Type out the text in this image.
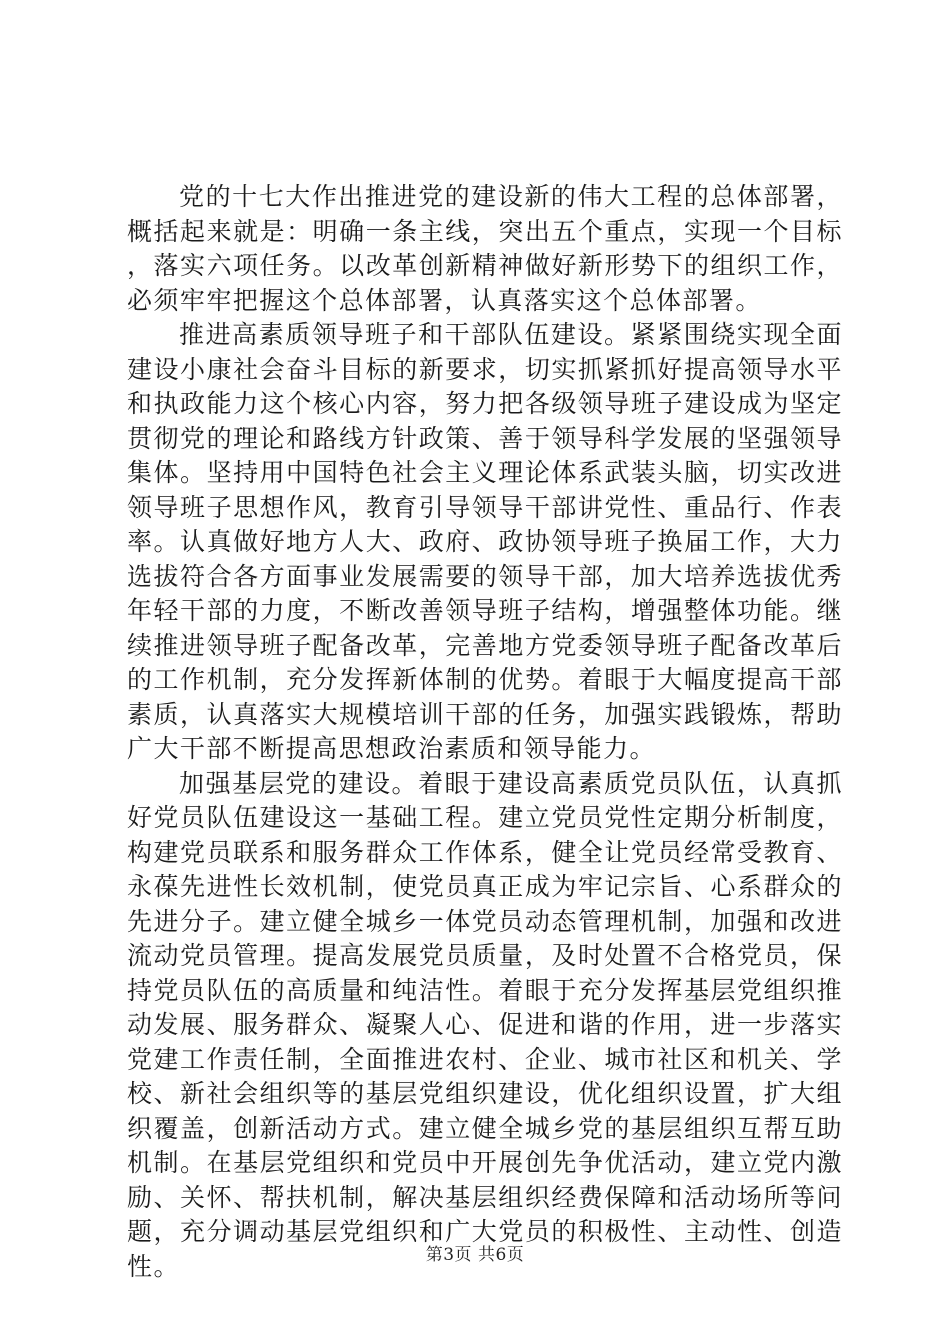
党的十七大作出推进党的建设新的伟大工程的总体部署，概括起来就是：明确一条主线，突出五个重点，实现一个目标，落实六项任务。以改革创新精神做好新形势下的组织工作，必须牢牢把握这个总体部署，认真落实这个总体部署。

推进高素质领导班子和干部队伍建设。紧紧围绕实现全面建设小康社会奋斗目标的新要求，切实抓紧抓好提高领导水平和执政能力这个核心内容，努力把各级领导班子建设成为坚定贯彻党的理论和路线方针政策、善于领导科学发展的坚强领导集体。坚持用中国特色社会主义理论体系武装头脑，切实改进领导班子思想作风，教育引导领导干部讲党性、重品行、作表率。认真做好地方人大、政府、政协领导班子换届工作，大力选拔符合各方面事业发展需要的领导干部，加大培养选拔优秀年轻干部的力度，不断改善领导班子结构，增强整体功能。继续推进领导班子配备改革，完善地方党委领导班子配备改革后的工作机制，充分发挥新体制的优势。着眼于大幅度提高干部素质，认真落实大规模培训干部的任务，加强实践锻炼，帮助广大干部不断提高思想政治素质和领导能力。

加强基层党的建设。着眼于建设高素质党员队伍，认真抓好党员队伍建设这一基础工程。建立党员党性定期分析制度，构建党员联系和服务群众工作体系，健全让党员经常受教育、永葆先进性长效机制，使党员真正成为牢记宗旨、心系群众的先进分子。建立健全城乡一体党员动态管理机制，加强和改进流动党员管理。提高发展党员质量，及时处置不合格党员，保持党员队伍的高质量和纯洁性。着眼于充分发挥基层党组织推动发展、服务群众、凝聚人心、促进和谐的作用，进一步落实党建工作责任制，全面推进农村、企业、城市社区和机关、学校、新社会组织等的基层党组织建设，优化组织设置，扩大组织覆盖，创新活动方式。建立健全城乡党的基层组织互帮互助机制。在基层党组织和党员中开展创先争优活动，建立党内激励、关怀、帮扶机制，解决基层组织经费保障和活动场所等问题，充分调动基层党组织和广大党员的积极性、主动性、创造性。	第3页 共6页
